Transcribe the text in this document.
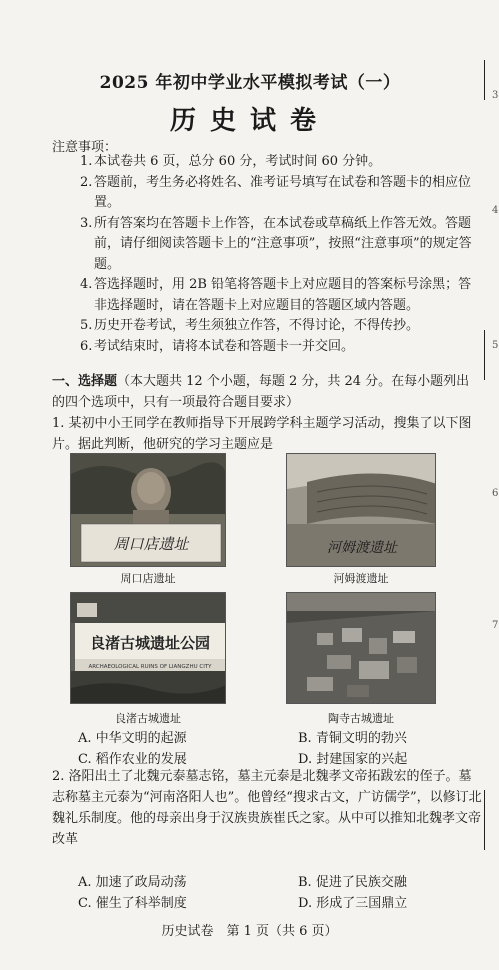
2025 年初中学业水平模拟考试（一）
历史试卷
注意事项：
1. 本试卷共 6 页，总分 60 分，考试时间 60 分钟。
2. 答题前，考生务必将姓名、准考证号填写在试卷和答题卡的相应位置。
3. 所有答案均在答题卡上作答，在本试卷或草稿纸上作答无效。答题前，请仔细阅读答题卡上的“注意事项”，按照“注意事项”的规定答题。
4. 答选择题时，用 2B 铅笔将答题卡上对应题目的答案标号涂黑；答非选择题时，请在答题卡上对应题目的答题区域内答题。
5. 历史开卷考试，考生须独立作答，不得讨论，不得传抄。
6. 考试结束时，请将本试卷和答题卡一并交回。
一、选择题（本大题共 12 个小题，每题 2 分，共 24 分。在每小题列出的四个选项中，只有一项最符合题目要求）
1. 某初中小王同学在教师指导下开展跨学科主题学习活动，搜集了以下图片。据此判断，他研究的学习主题应是
周口店遗址
周口店遗址
河姆渡遗址
河姆渡遗址
良渚古城遗址公园
ARCHAEOLOGICAL RUINS OF LIANGZHU CITY
良渚古城遗址	陶寺古城遗址
A. 中华文明的起源	B. 青铜文明的勃兴
C. 稻作农业的发展	D. 封建国家的兴起
2. 洛阳出土了北魏元泰墓志铭，墓主元泰是北魏孝文帝拓跋宏的侄子。墓志称墓主元泰为“河南洛阳人也”。他曾经“搜求古文，广访儒学”，以修订北魏礼乐制度。他的母亲出身于汉族贵族崔氏之家。从中可以推知北魏孝文帝改革
A. 加速了政局动荡	B. 促进了民族交融
C. 催生了科举制度	D. 形成了三国鼎立
历史试卷　第 1 页（共 6 页）
3
4
5
6
7
